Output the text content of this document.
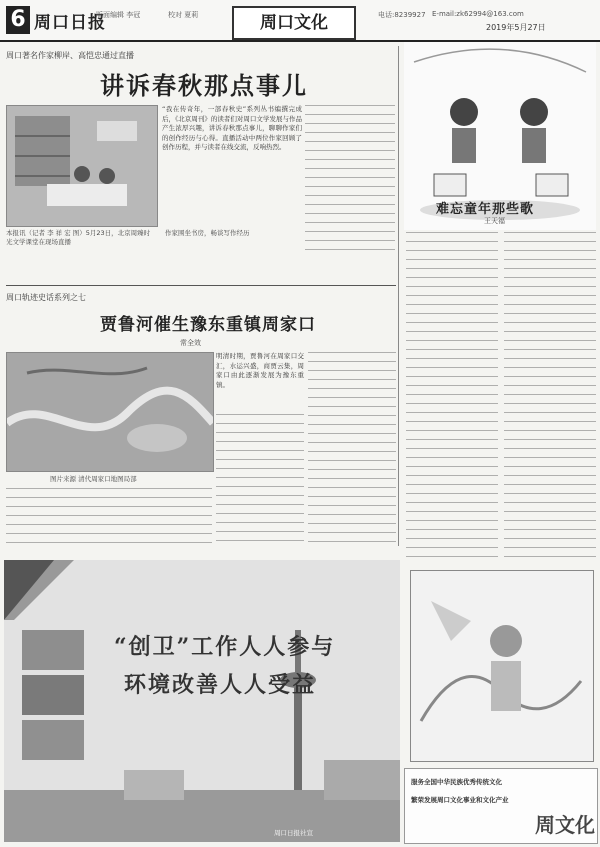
6 周口日报
版面编辑 李冠	校对 夏莉	周口文化	电话:8239927 E-mail:zk62994@163.com
2019年5月27日
周口著名作家柳岸、高恺忠通过直播
讲诉春秋那点事儿
本报讯（记者 李 祥 宏 图）5月23日，北京周臻时光文学课堂在现场直播
作家围坐书房，畅谈写作经历
“我在传奇年，一部春秋史”系列丛书编撰完成后，《北京周刊》的读者们对周口文学发展与作品产生浓厚兴趣，讲诉春秋那点事儿，聊聊作家们的创作经历与心得。直播活动中两位作家回顾了创作历程，并与读者在线交流，反响热烈。
周口轨迹史话系列之七
贾鲁河催生豫东重镇周家口
常全效
图片来源 清代周家口地图局部
明清时期，贾鲁河在周家口交汇，水运兴盛，商贾云集，周家口由此逐渐发展为豫东重镇。
“创卫”工作人人参与
环境改善人人受益
周口日报社宣
难忘童年那些歌
王天福
服务全国中华民族优秀传统文化
繁荣发展周口文化事业和文化产业
周文化
